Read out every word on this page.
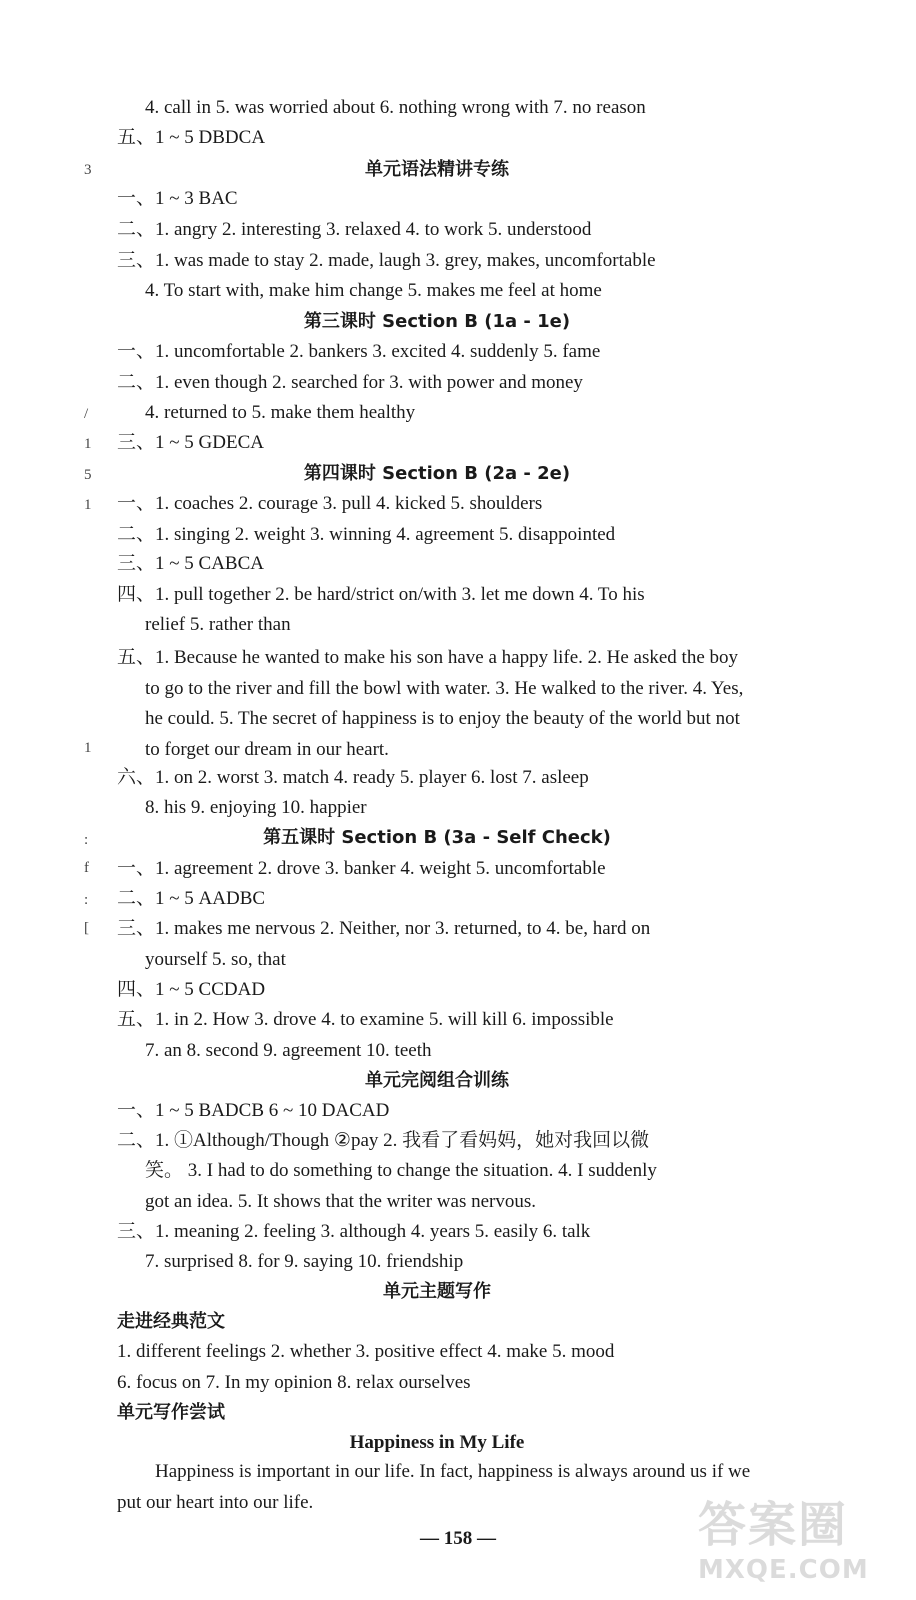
3
/
1
5
1
1
:
f
:
[
4. call in 5. was worried about 6. nothing wrong with 7. no reason
五、1 ~ 5 DBDCA
单元语法精讲专练
一、1 ~ 3 BAC
二、1. angry 2. interesting 3. relaxed 4. to work 5. understood
三、1. was made to stay 2. made, laugh 3. grey, makes, uncomfortable
4. To start with, make him change 5. makes me feel at home
第三课时 Section B (1a - 1e)
一、1. uncomfortable 2. bankers 3. excited 4. suddenly 5. fame
二、1. even though 2. searched for 3. with power and money
4. returned to 5. make them healthy
三、1 ~ 5 GDECA
第四课时 Section B (2a - 2e)
一、1. coaches 2. courage 3. pull 4. kicked 5. shoulders
二、1. singing 2. weight 3. winning 4. agreement 5. disappointed
三、1 ~ 5 CABCA
四、1. pull together 2. be hard/strict on/with 3. let me down 4. To his
relief 5. rather than

五、1. Because he wanted to make his son have a happy life. 2. He asked the boy to go to the river and fill the bowl with water. 3. He walked to the river. 4. Yes, he could. 5. The secret of happiness is to enjoy the beauty of the world but not to forget our dream in our heart.

六、1. on 2. worst 3. match 4. ready 5. player 6. lost 7. asleep
8. his 9. enjoying 10. happier
第五课时 Section B (3a - Self Check)
一、1. agreement 2. drove 3. banker 4. weight 5. uncomfortable
二、1 ~ 5 AADBC
三、1. makes me nervous 2. Neither, nor 3. returned, to 4. be, hard on
yourself 5. so, that
四、1 ~ 5 CCDAD
五、1. in 2. How 3. drove 4. to examine 5. will kill 6. impossible
7. an 8. second 9. agreement 10. teeth
单元完阅组合训练
一、1 ~ 5 BADCB 6 ~ 10 DACAD
二、1. ①Although/Though ②pay 2. 我看了看妈妈，她对我回以微
笑。 3. I had to do something to change the situation. 4. I suddenly
got an idea. 5. It shows that the writer was nervous.
三、1. meaning 2. feeling 3. although 4. years 5. easily 6. talk
7. surprised 8. for 9. saying 10. friendship
单元主题写作
走进经典范文
1. different feelings 2. whether 3. positive effect 4. make 5. mood
6. focus on 7. In my opinion 8. relax ourselves
单元写作尝试
Happiness in My Life

Happiness is important in our life. In fact, happiness is always around us if we put our heart into our life.

— 158 —	答案圈
MXQE.COM
